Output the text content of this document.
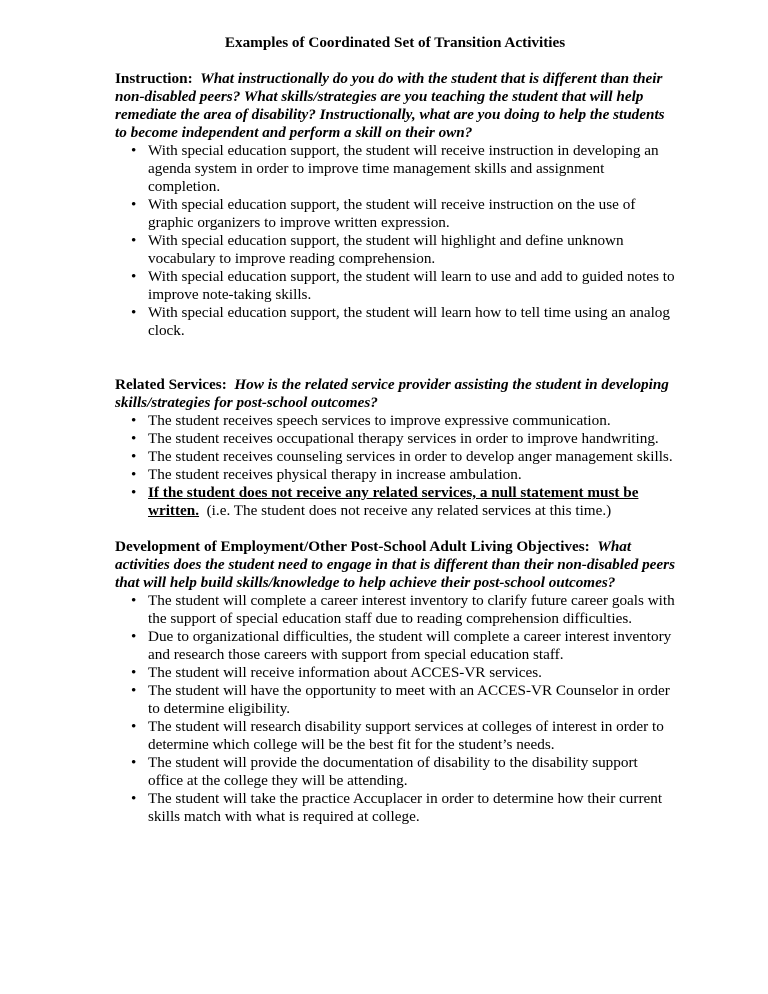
Examples of Coordinated Set of Transition Activities

Instruction: What instructionally do you do with the student that is different than their non-disabled peers? What skills/strategies are you teaching the student that will help remediate the area of disability? Instructionally, what are you doing to help the students to become independent and perform a skill on their own?

• With special education support, the student will receive instruction in developing an agenda system in order to improve time management skills and assignment completion.
• With special education support, the student will receive instruction on the use of graphic organizers to improve written expression.
• With special education support, the student will highlight and define unknown vocabulary to improve reading comprehension.
• With special education support, the student will learn to use and add to guided notes to improve note-taking skills.
• With special education support, the student will learn how to tell time using an analog clock.

Related Services: How is the related service provider assisting the student in developing skills/strategies for post-school outcomes?

• The student receives speech services to improve expressive communication.
• The student receives occupational therapy services in order to improve handwriting.
• The student receives counseling services in order to develop anger management skills.
• The student receives physical therapy in increase ambulation.
• If the student does not receive any related services, a null statement must be written.  (i.e. The student does not receive any related services at this time.)

Development of Employment/Other Post-School Adult Living Objectives: What activities does the student need to engage in that is different than their non-disabled peers that will help build skills/knowledge to help achieve their post-school outcomes?

• The student will complete a career interest inventory to clarify future career goals with the support of special education staff due to reading comprehension difficulties.
• Due to organizational difficulties, the student will complete a career interest inventory and research those careers with support from special education staff.
• The student will receive information about ACCES-VR services.
• The student will have the opportunity to meet with an ACCES-VR Counselor in order to determine eligibility.
• The student will research disability support services at colleges of interest in order to determine which college will be the best fit for the student’s needs.
• The student will provide the documentation of disability to the disability support office at the college they will be attending.
• The student will take the practice Accuplacer in order to determine how their current skills match with what is required at college.
